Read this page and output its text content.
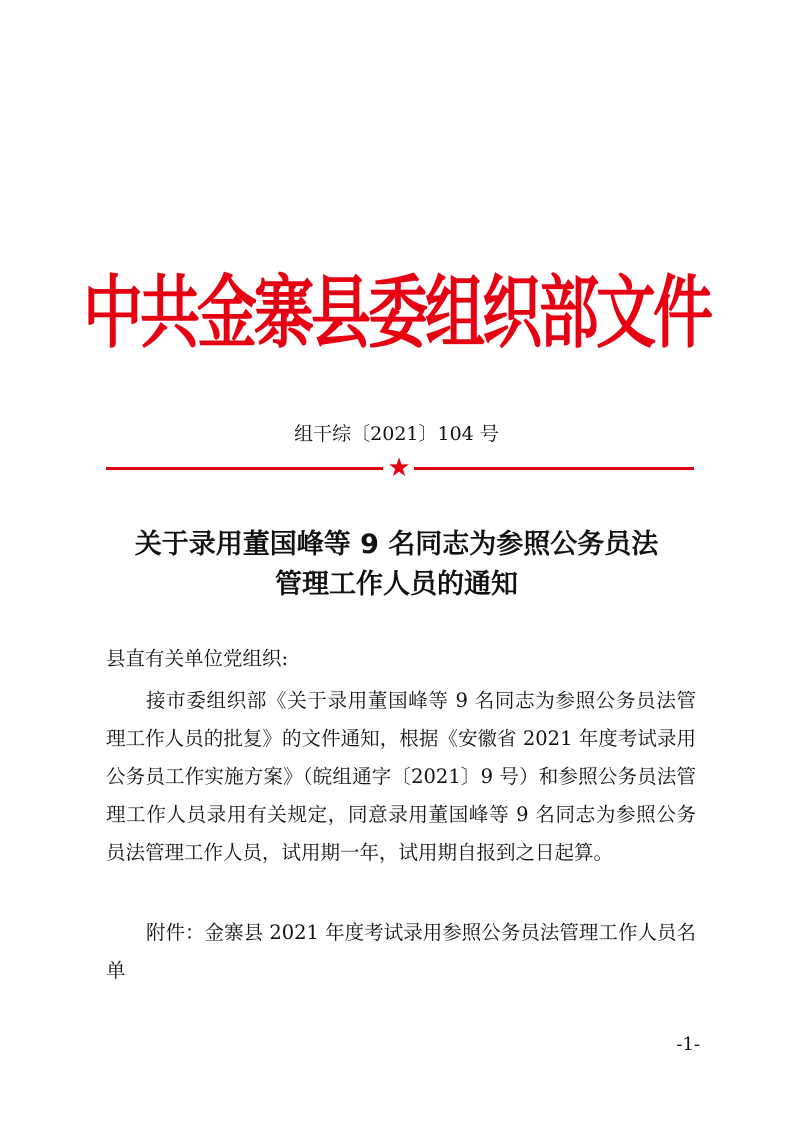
中共金寨县委组织部文件
组干综〔2021〕104 号
★
关于录用董国峰等 9 名同志为参照公务员法
管理工作人员的通知

县直有关单位党组织:

接市委组织部《关于录用董国峰等 9 名同志为参照公务员法管理工作人员的批复》的文件通知，根据《安徽省 2021 年度考试录用公务员工作实施方案》（皖组通字〔2021〕9 号）和参照公务员法管理工作人员录用有关规定，同意录用董国峰等 9 名同志为参照公务员法管理工作人员，试用期一年，试用期自报到之日起算。

附件：金寨县 2021 年度考试录用参照公务员法管理工作人员名单

-1-
